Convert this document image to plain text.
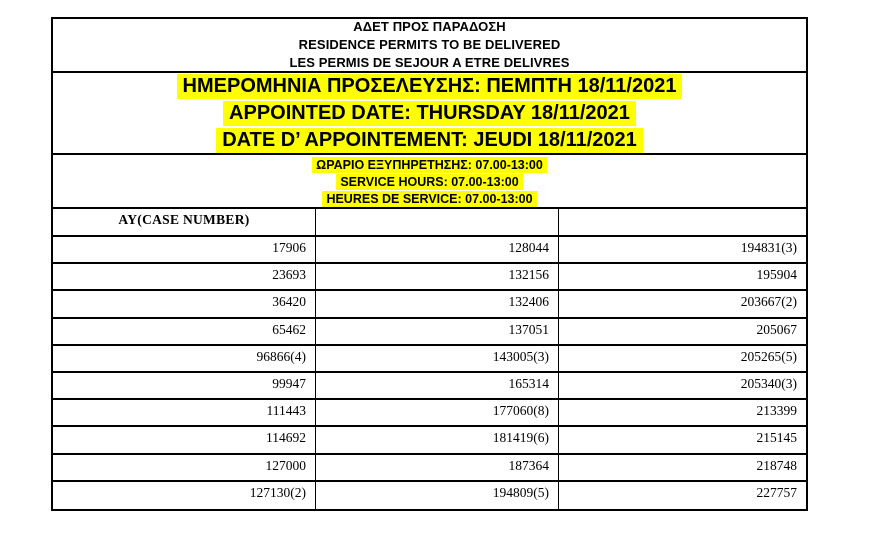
ΑΔΕΤ ΠΡΟΣ ΠΑΡΑΔΟΣΗ
RESIDENCE PERMITS TO BE DELIVERED
LES PERMIS DE SEJOUR A ETRE DELIVRES
ΗΜΕΡΟΜΗΝΙΑ ΠΡΟΣΕΛΕΥΣΗΣ: ΠΕΜΠΤΗ 18/11/2021
APPOINTED DATE: THURSDAY 18/11/2021
DATE D’ APPOINTEMENT: JEUDI 18/11/2021
ΩΡΑΡΙΟ ΕΞΥΠΗΡΕΤΗΣΗΣ: 07.00-13:00
SERVICE HOURS: 07.00-13:00
HEURES DE SERVICE: 07.00-13:00
AY(CASE NUMBER)
17906	128044	194831(3)
23693	132156	195904
36420	132406	203667(2)
65462	137051	205067
96866(4)	143005(3)	205265(5)
99947	165314	205340(3)
111443	177060(8)	213399
114692	181419(6)	215145
127000	187364	218748
127130(2)	194809(5)	227757
